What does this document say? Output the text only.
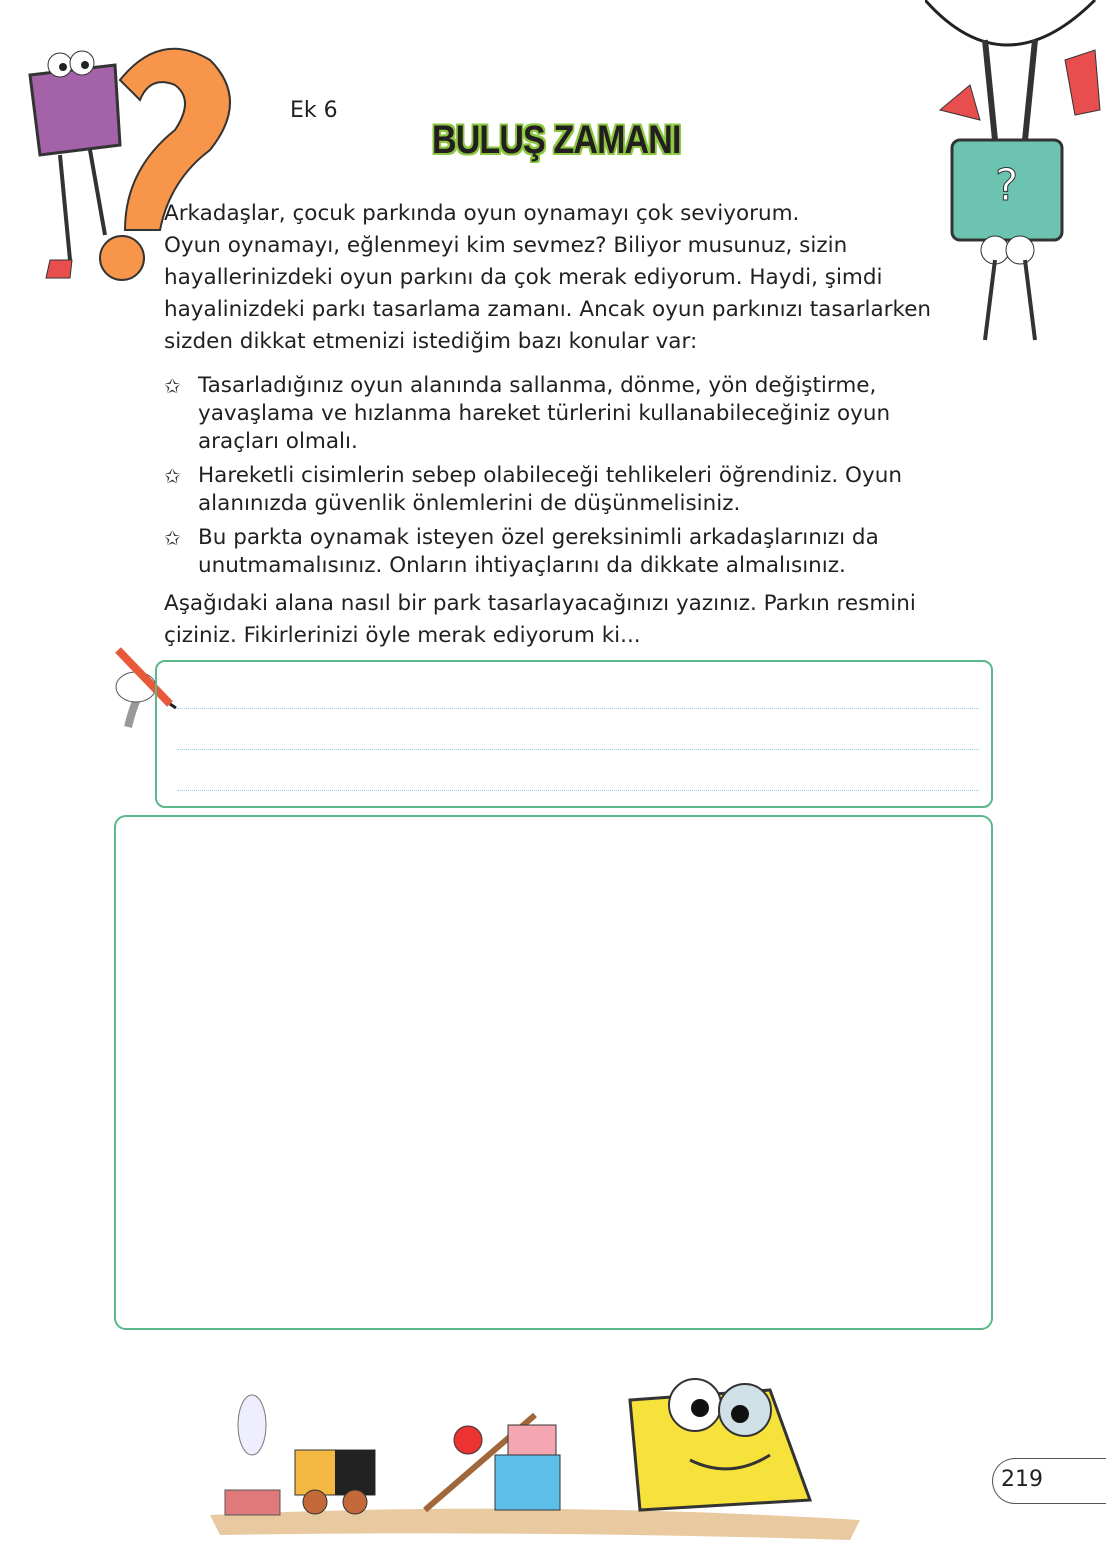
?
Ek 6
BULUŞ ZAMANI

Arkadaşlar, çocuk parkında oyun oynamayı çok seviyorum.

Oyun oynamayı, eğlenmeyi kim sevmez? Biliyor musunuz, sizin

hayallerinizdeki oyun parkını da çok merak ediyorum. Haydi, şimdi

hayalinizdeki parkı tasarlama zamanı. Ancak oyun parkınızı tasarlarken

sizden dikkat etmenizi istediğim bazı konular var:

✩ Tasarladığınız oyun alanında sallanma, dönme, yön değiştirme, yavaşlama ve hızlanma hareket türlerini kullanabileceğiniz oyun araçları olmalı.
✩ Hareketli cisimlerin sebep olabileceği tehlikeleri öğrendiniz. Oyun alanınızda güvenlik önlemlerini de düşünmelisiniz.
✩ Bu parkta oynamak isteyen özel gereksinimli arkadaşlarınızı da unutmamalısınız. Onların ihtiyaçlarını da dikkate almalısınız.
Aşağıdaki alana nasıl bir park tasarlayacağınızı yazınız. Parkın resmini
çiziniz. Fikirlerinizi öyle merak ediyorum ki...
219
